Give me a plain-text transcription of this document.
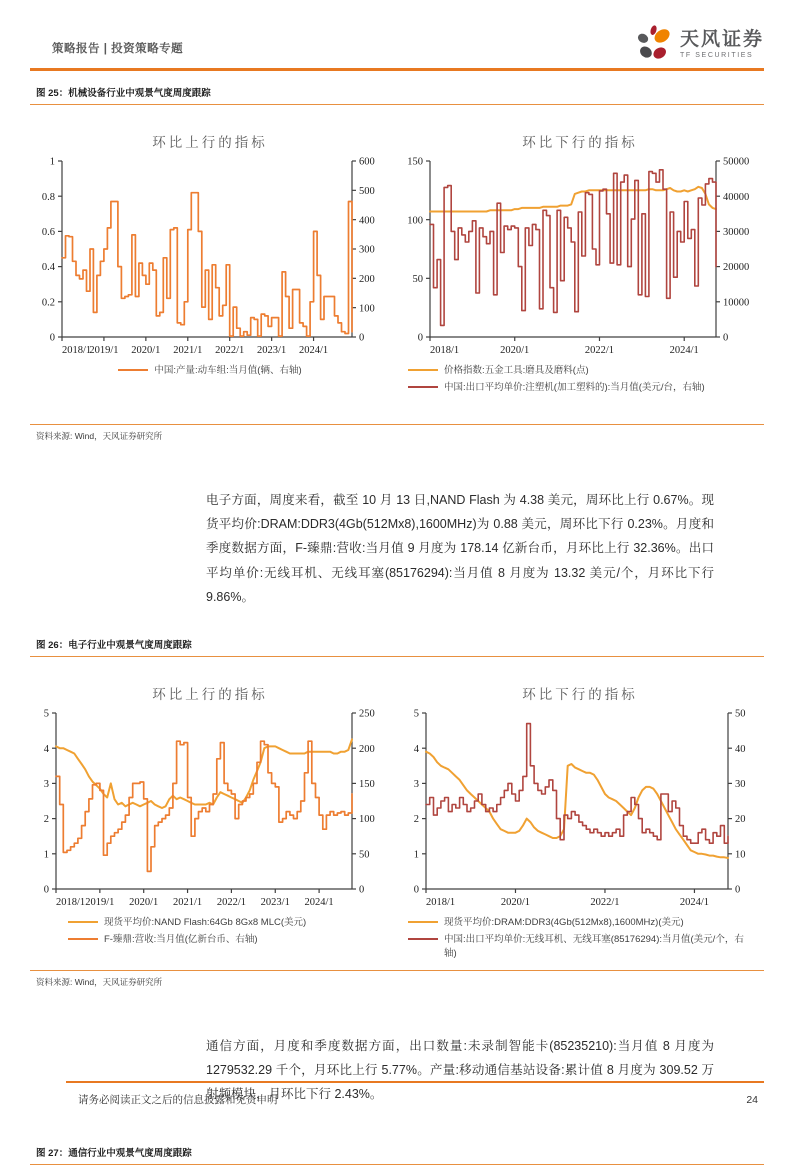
策略报告 | 投资策略专题	天风证券
TF SECURITIES
图 25：机械设备行业中观景气度周度跟踪
环比上行的指标
0
0.2
0.4
0.6
0.8
1
0
100
200
300
400
500
600
2018/1
2019/1 2020/1 2021/1 2022/1 2023/1 2024/1
中国:产量:动车组:当月值(辆、右轴)
环比下行的指标
0
50
100
150
0
10000
20000
30000
40000
50000
2018/1	2020/1	2022/1	2024/1
价格指数:五金工具:磨具及磨料(点)
中国:出口平均单价:注塑机(加工塑料的):当月值(美元/台，右轴)
资料来源: Wind，天风证券研究所

电子方面，周度来看，截至 10 月 13 日,NAND Flash 为 4.38 美元，周环比上行 0.67%。现货平均价:DRAM:DDR3(4Gb(512Mx8),1600MHz)为 0.88 美元，周环比下行 0.23%。月度和季度数据方面，F-臻鼎:营收:当月值 9 月度为 178.14 亿新台币，月环比上行 32.36%。出口平均单价:无线耳机、无线耳塞(85176294):当月值 8 月度为 13.32 美元/个，月环比下行 9.86%。

图 26：电子行业中观景气度周度跟踪
环比上行的指标
0
1
2
3
4
5
0
50
100
150
200
250
2018/1 2019/1 2020/1 2021/1 2022/1 2023/1 2024/1
现货平均价:NAND Flash:64Gb 8Gx8 MLC(美元)
F-臻鼎:营收:当月值(亿新台币、右轴)
环比下行的指标
0
1
2
3
4
5
0
10
20
30
40
50
2018/1	2020/1	2022/1	2024/1
现货平均价:DRAM:DDR3(4Gb(512Mx8),1600MHz)(美元)
中国:出口平均单价:无线耳机、无线耳塞(85176294):当月值(美元/个，右轴)
资料来源: Wind，天风证券研究所

通信方面，月度和季度数据方面，出口数量:未录制智能卡(85235210):当月值 8 月度为 1279532.29 千个，月环比上行 5.77%。产量:移动通信基站设备:累计值 8 月度为 309.52 万射频模块，月环比下行 2.43%。

图 27：通信行业中观景气度周度跟踪
请务必阅读正文之后的信息披露和免责申明	24
